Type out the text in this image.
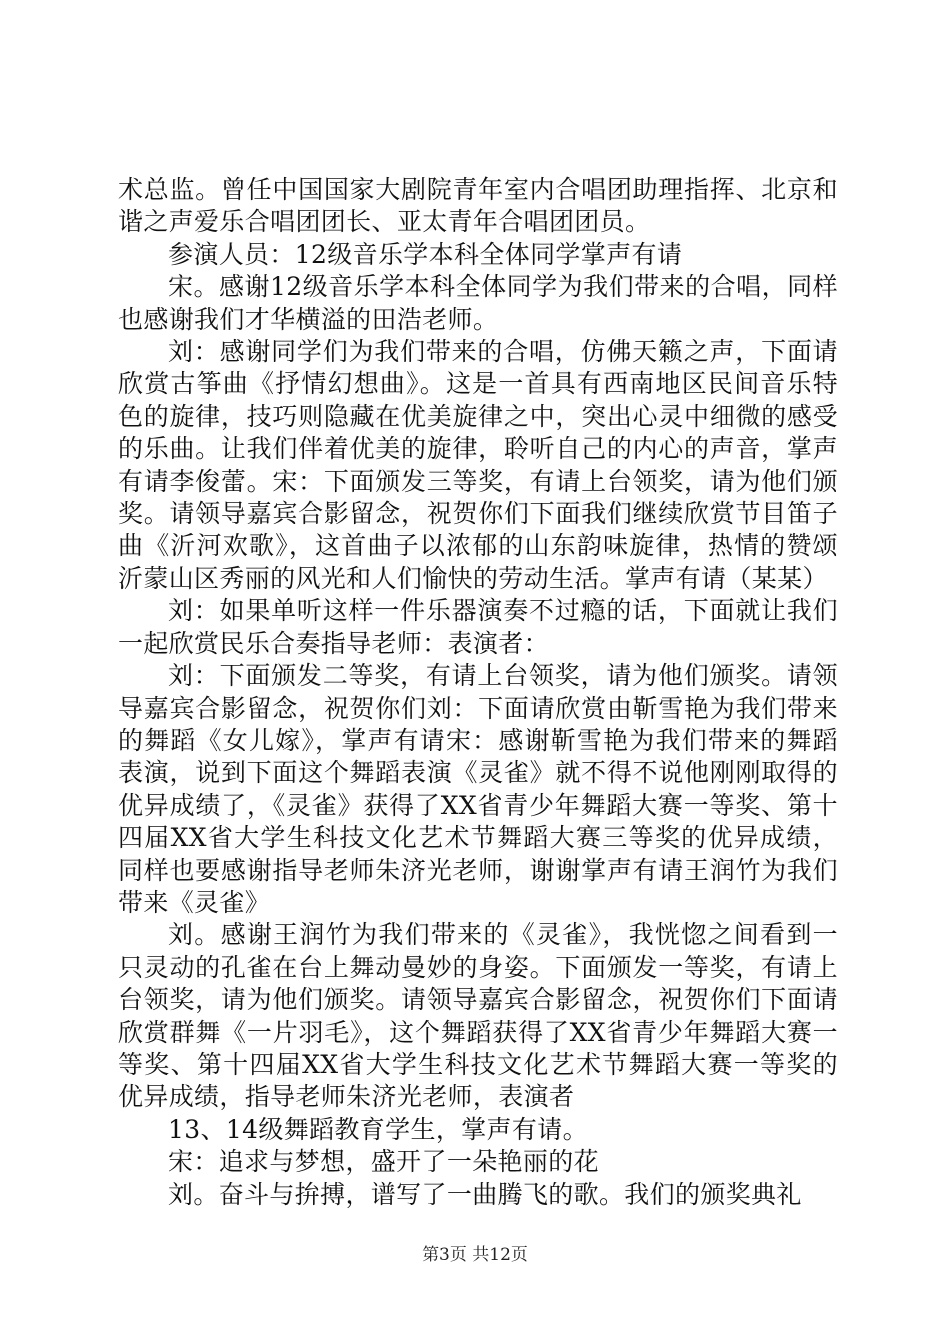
术总监。曾任中国国家大剧院青年室内合唱团助理指挥、北京和谐之声爱乐合唱团团长、亚太青年合唱团团员。

参演人员：12级音乐学本科全体同学掌声有请

宋。感谢12级音乐学本科全体同学为我们带来的合唱，同样也感谢我们才华横溢的田浩老师。

刘：感谢同学们为我们带来的合唱，仿佛天籁之声，下面请欣赏古筝曲《抒情幻想曲》。这是一首具有西南地区民间音乐特色的旋律，技巧则隐藏在优美旋律之中，突出心灵中细微的感受的乐曲。让我们伴着优美的旋律，聆听自己的内心的声音，掌声有请李俊蕾。宋：下面颁发三等奖，有请上台领奖，请为他们颁奖。请领导嘉宾合影留念，祝贺你们下面我们继续欣赏节目笛子曲《沂河欢歌》，这首曲子以浓郁的山东韵味旋律，热情的赞颂沂蒙山区秀丽的风光和人们愉快的劳动生活。掌声有请（某某）

刘：如果单听这样一件乐器演奏不过瘾的话，下面就让我们一起欣赏民乐合奏指导老师：表演者：

刘：下面颁发二等奖，有请上台领奖，请为他们颁奖。请领导嘉宾合影留念，祝贺你们刘：下面请欣赏由靳雪艳为我们带来的舞蹈《女儿嫁》，掌声有请宋：感谢靳雪艳为我们带来的舞蹈表演，说到下面这个舞蹈表演《灵雀》就不得不说他刚刚取得的优异成绩了，《灵雀》获得了XX省青少年舞蹈大赛一等奖、第十四届XX省大学生科技文化艺术节舞蹈大赛三等奖的优异成绩，同样也要感谢指导老师朱济光老师，谢谢掌声有请王润竹为我们带来《灵雀》

刘。感谢王润竹为我们带来的《灵雀》，我恍惚之间看到一只灵动的孔雀在台上舞动曼妙的身姿。下面颁发一等奖，有请上台领奖，请为他们颁奖。请领导嘉宾合影留念，祝贺你们下面请欣赏群舞《一片羽毛》，这个舞蹈获得了XX省青少年舞蹈大赛一等奖、第十四届XX省大学生科技文化艺术节舞蹈大赛一等奖的优异成绩，指导老师朱济光老师，表演者

13、14级舞蹈教育学生，掌声有请。

宋：追求与梦想，盛开了一朵艳丽的花

刘。奋斗与拚搏，谱写了一曲腾飞的歌。我们的颁奖典礼

第3页 共12页
